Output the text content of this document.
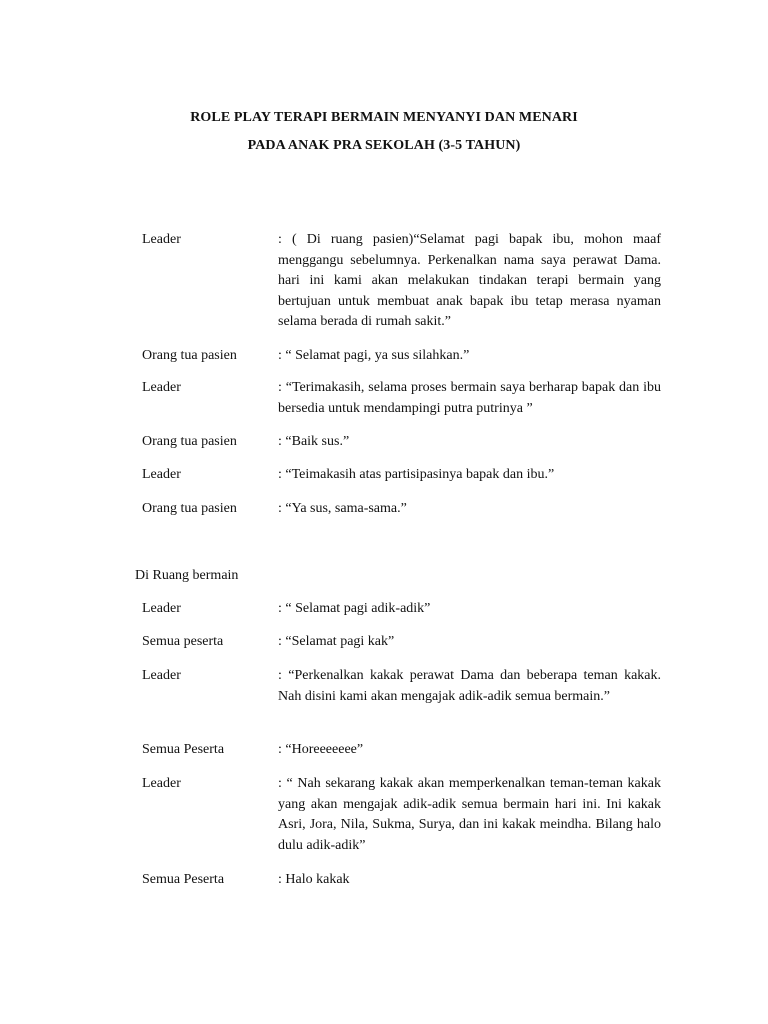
ROLE PLAY TERAPI BERMAIN MENYANYI DAN MENARI
PADA ANAK PRA SEKOLAH (3-5 TAHUN)
Leader	: ( Di ruang pasien)“Selamat pagi bapak ibu, mohon maaf menggangu sebelumnya. Perkenalkan nama saya perawat Dama. hari ini kami akan melakukan tindakan terapi bermain yang bertujuan untuk membuat anak bapak ibu tetap merasa nyaman selama berada di rumah sakit.”
Orang tua pasien	: “ Selamat pagi, ya sus silahkan.”
Leader	: “Terimakasih, selama proses bermain saya berharap bapak dan ibu bersedia untuk mendampingi putra putrinya ”
Orang tua pasien	: “Baik sus.”
Leader	: “Teimakasih atas partisipasinya bapak dan ibu.”
Orang tua pasien	: “Ya sus, sama-sama.”
Di Ruang bermain
Leader	: “ Selamat pagi adik-adik”
Semua peserta	: “Selamat pagi kak”
Leader	: “Perkenalkan kakak perawat Dama dan beberapa teman kakak. Nah disini kami akan mengajak adik-adik semua bermain.”
Semua Peserta	: “Horeeeeeee”
Leader	: “ Nah sekarang kakak akan memperkenalkan teman-teman kakak yang akan mengajak adik-adik semua bermain hari ini. Ini kakak Asri, Jora, Nila, Sukma, Surya, dan ini kakak meindha. Bilang halo dulu adik-adik”
Semua Peserta	: Halo kakak
